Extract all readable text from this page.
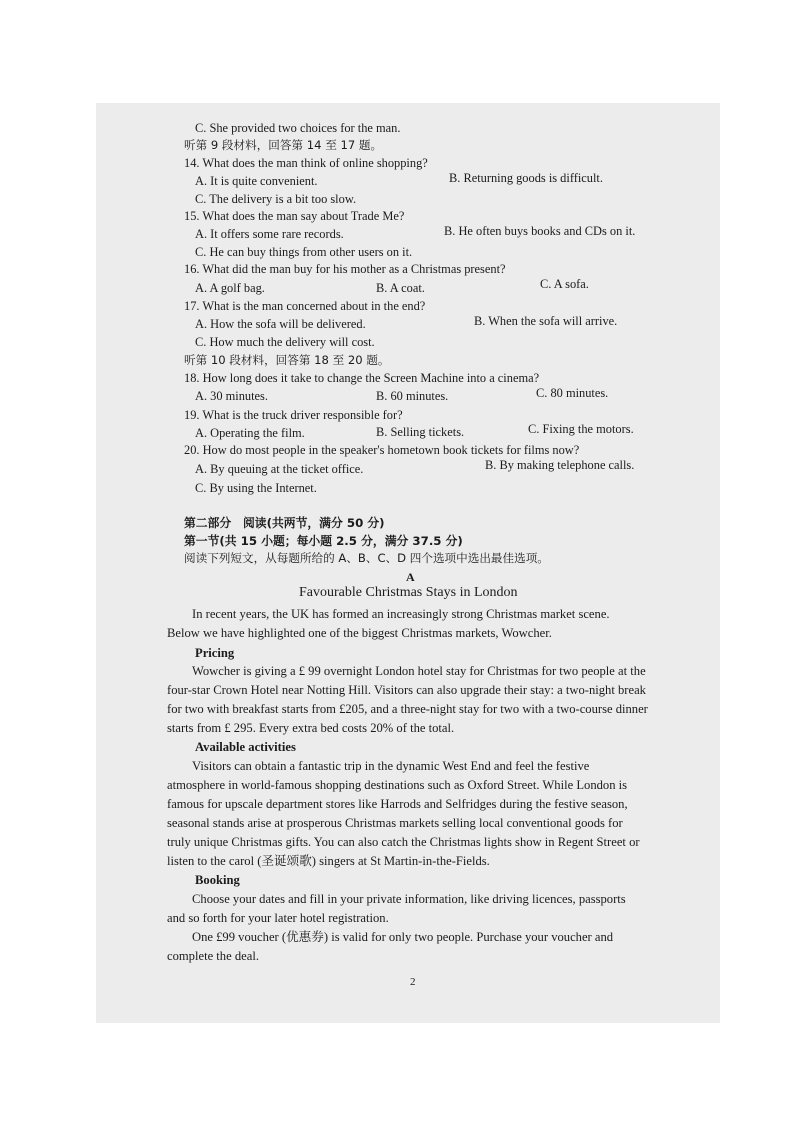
C. She provided two choices for the man.
听第 9 段材料，回答第 14 至 17 题。
14. What does the man think of online shopping?
A. It is quite convenient.	B. Returning goods is difficult.
C. The delivery is a bit too slow.
15. What does the man say about Trade Me?
A. It offers some rare records.	B. He often buys books and CDs on it.
C. He can buy things from other users on it.
16. What did the man buy for his mother as a Christmas present?
A. A golf bag.	B. A coat.	C. A sofa.
17. What is the man concerned about in the end?
A. How the sofa will be delivered.	B. When the sofa will arrive.
C. How much the delivery will cost.
听第 10 段材料，回答第 18 至 20 题。
18. How long does it take to change the Screen Machine into a cinema?
A. 30 minutes.	B. 60 minutes.	C. 80 minutes.
19. What is the truck driver responsible for?
A. Operating the film.	B. Selling tickets.	C. Fixing the motors.
20. How do most people in the speaker's hometown book tickets for films now?
A. By queuing at the ticket office.	B. By making telephone calls.
C. By using the Internet.
第二部分　阅读(共两节，满分 50 分)
第一节(共 15 小题；每小题 2.5 分，满分 37.5 分)
阅读下列短文，从每题所给的 A、B、C、D 四个选项中选出最佳选项。
A
Favourable Christmas Stays in London
In recent years, the UK has formed an increasingly strong Christmas market scene.
Below we have highlighted one of the biggest Christmas markets, Wowcher.
Pricing
Wowcher is giving a £ 99 overnight London hotel stay for Christmas for two people at the
four-star Crown Hotel near Notting Hill. Visitors can also upgrade their stay: a two-night break
for two with breakfast starts from £205, and a three-night stay for two with a two-course dinner
starts from £ 295. Every extra bed costs 20% of the total.
Available activities
Visitors can obtain a fantastic trip in the dynamic West End and feel the festive
atmosphere in world-famous shopping destinations such as Oxford Street. While London is
famous for upscale department stores like Harrods and Selfridges during the festive season,
seasonal stands arise at prosperous Christmas markets selling local conventional goods for
truly unique Christmas gifts. You can also catch the Christmas lights show in Regent Street or
listen to the carol (圣诞颂歌) singers at St Martin-in-the-Fields.
Booking
Choose your dates and fill in your private information, like driving licences, passports
and so forth for your later hotel registration.
One £99 voucher (优惠券) is valid for only two people. Purchase your voucher and
complete the deal.
2
